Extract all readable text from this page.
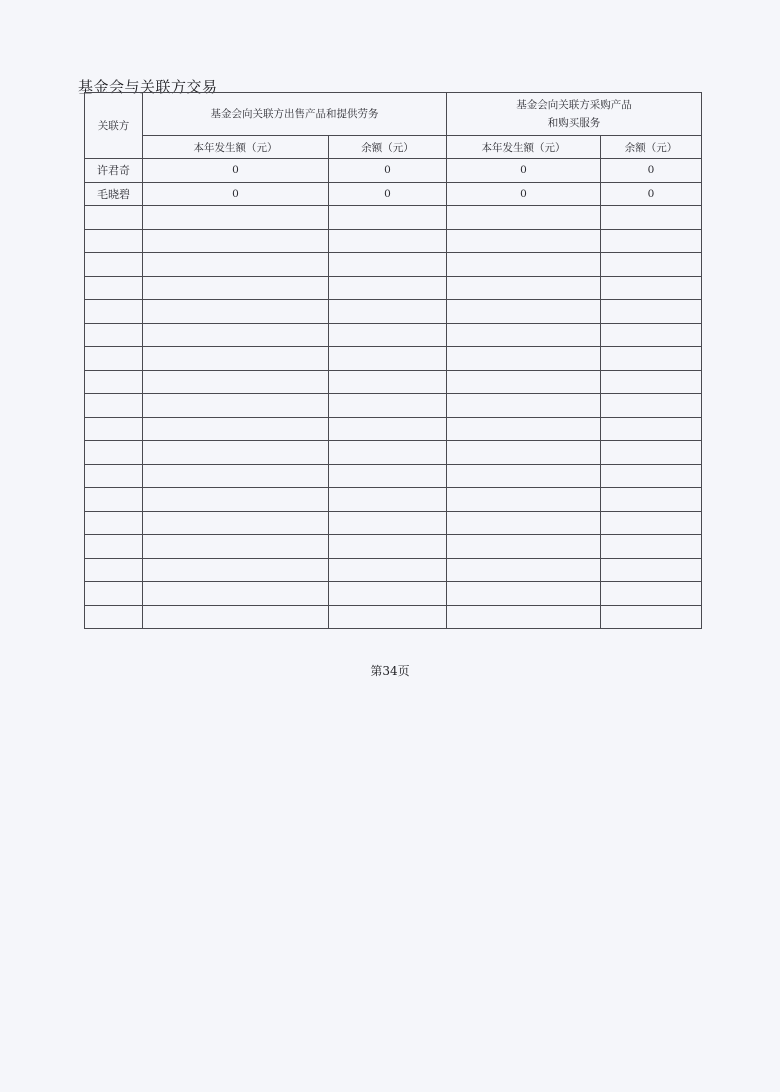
基金会与关联方交易
关联方	基金会向关联方出售产品和提供劳务		基金会向关联方采购产品
和购买服务	

	本年发生额（元）	余额（元）	本年发生额（元）	余额（元）
许君奇	0	0	0	0
毛晓碧	0	0	0	0

第34页
